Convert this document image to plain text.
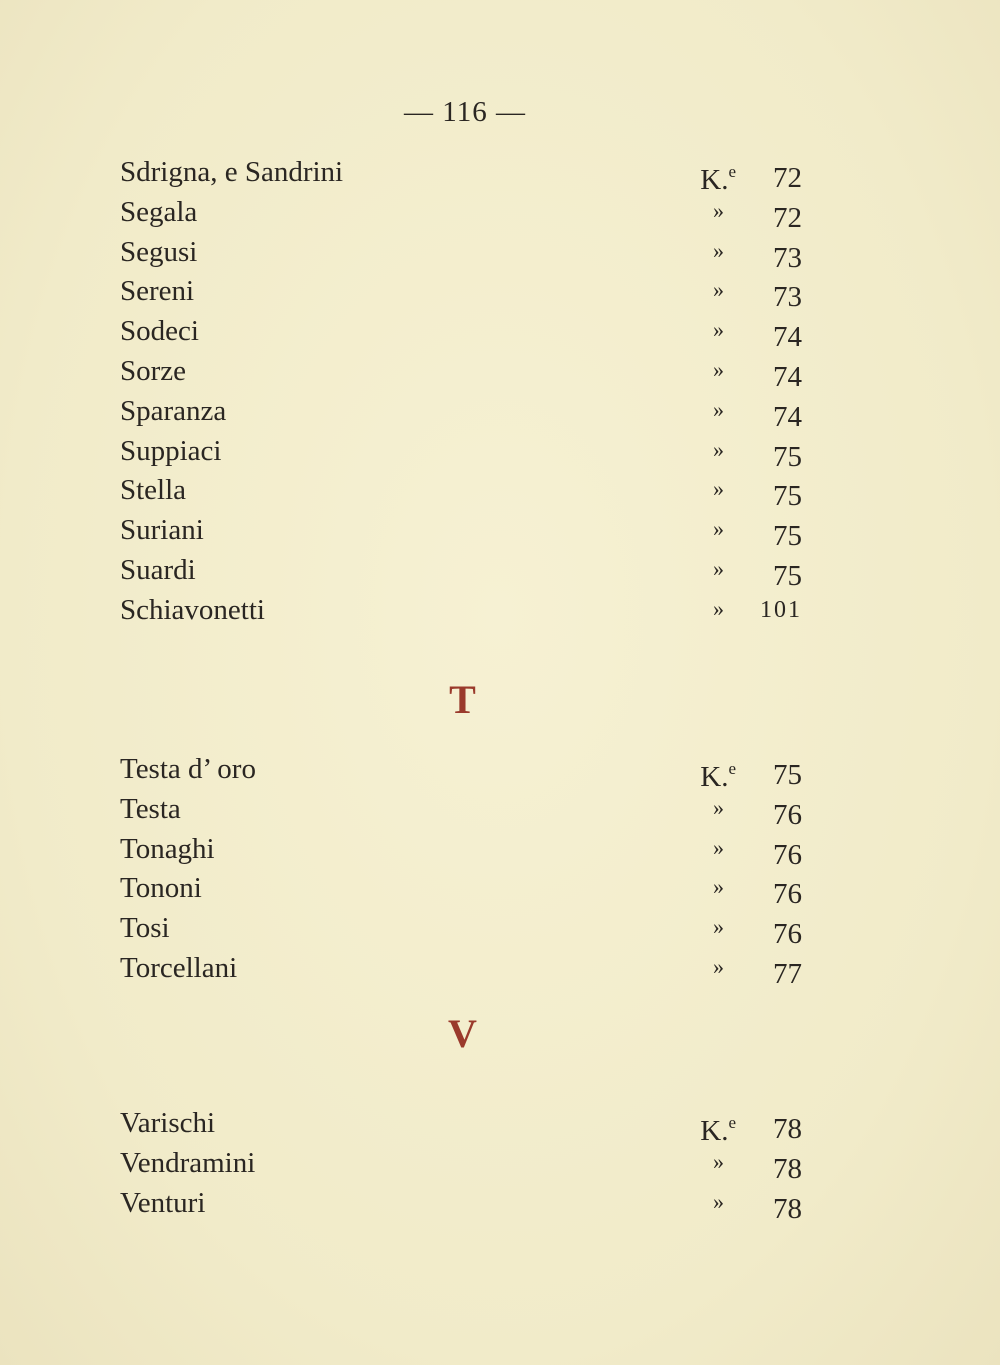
— 116 —
Sdrigna, e Sandrini	K.$^e$ 72
Segala	» 72
Segusi	» 73
Sereni	» 73
Sodeci	» 74
Sorze	» 74
Sparanza	» 74
Suppiaci	» 75
Stella	» 75
Suriani	» 75
Suardi	» 75
Schiavonetti	» 101
T
Testa d’ oro	K.$^e$ 75
Testa	» 76
Tonaghi	» 76
Tononi	» 76
Tosi	» 76
Torcellani	» 77
V
Varischi	K.$^e$ 78
Vendramini	» 78
Venturi	» 78
